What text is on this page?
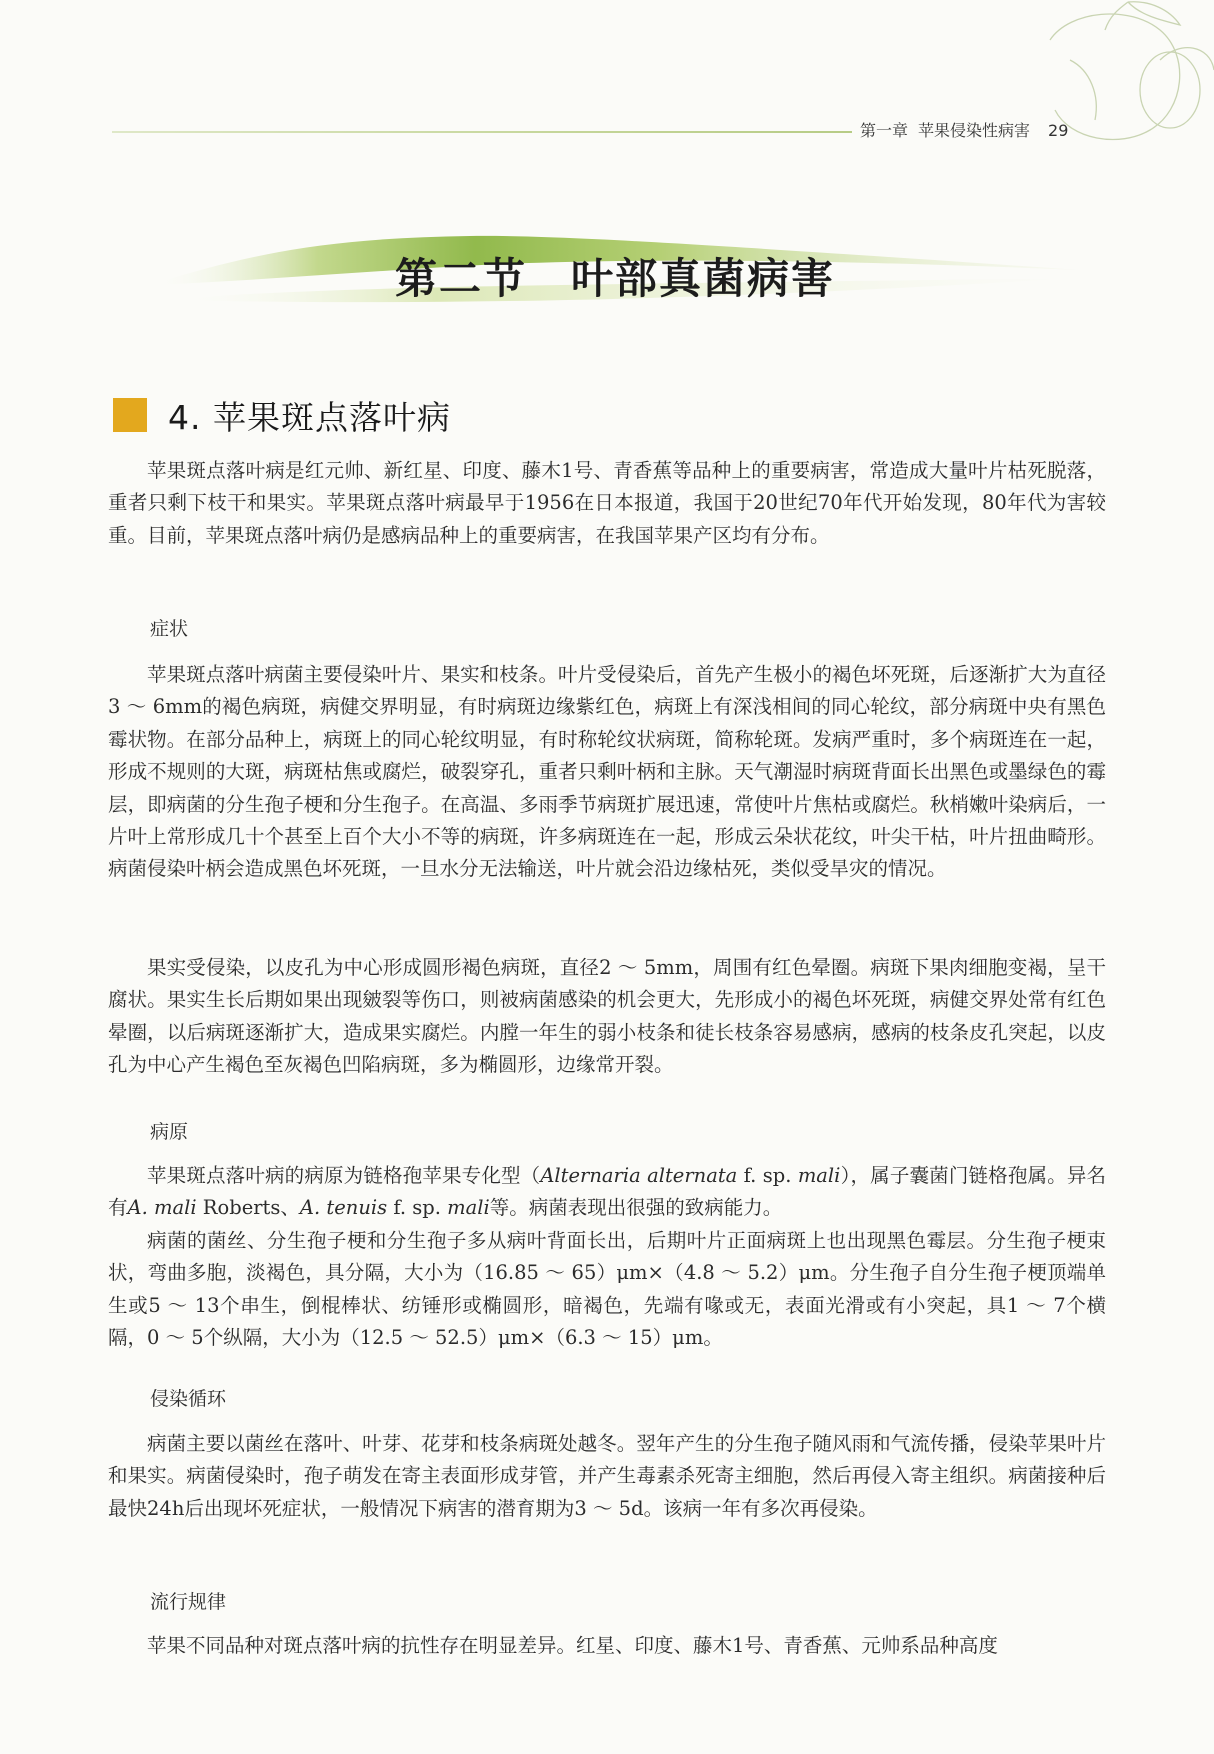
第一章 苹果侵染性病害 29
第二节　叶部真菌病害
4. 苹果斑点落叶病

苹果斑点落叶病是红元帅、新红星、印度、藤木1号、青香蕉等品种上的重要病害，常造成大量叶片枯死脱落，重者只剩下枝干和果实。苹果斑点落叶病最早于1956在日本报道，我国于20世纪70年代开始发现，80年代为害较重。目前，苹果斑点落叶病仍是感病品种上的重要病害，在我国苹果产区均有分布。

症状

苹果斑点落叶病菌主要侵染叶片、果实和枝条。叶片受侵染后，首先产生极小的褐色坏死斑，后逐渐扩大为直径3 ～ 6mm的褐色病斑，病健交界明显，有时病斑边缘紫红色，病斑上有深浅相间的同心轮纹，部分病斑中央有黑色霉状物。在部分品种上，病斑上的同心轮纹明显，有时称轮纹状病斑，简称轮斑。发病严重时，多个病斑连在一起，形成不规则的大斑，病斑枯焦或腐烂，破裂穿孔，重者只剩叶柄和主脉。天气潮湿时病斑背面长出黑色或墨绿色的霉层，即病菌的分生孢子梗和分生孢子。在高温、多雨季节病斑扩展迅速，常使叶片焦枯或腐烂。秋梢嫩叶染病后，一片叶上常形成几十个甚至上百个大小不等的病斑，许多病斑连在一起，形成云朵状花纹，叶尖干枯，叶片扭曲畸形。病菌侵染叶柄会造成黑色坏死斑，一旦水分无法输送，叶片就会沿边缘枯死，类似受旱灾的情况。

果实受侵染，以皮孔为中心形成圆形褐色病斑，直径2 ～ 5mm，周围有红色晕圈。病斑下果肉细胞变褐，呈干腐状。果实生长后期如果出现皴裂等伤口，则被病菌感染的机会更大，先形成小的褐色坏死斑，病健交界处常有红色晕圈，以后病斑逐渐扩大，造成果实腐烂。内膛一年生的弱小枝条和徒长枝条容易感病，感病的枝条皮孔突起，以皮孔为中心产生褐色至灰褐色凹陷病斑，多为椭圆形，边缘常开裂。

病原

苹果斑点落叶病的病原为链格孢苹果专化型（Alternaria alternata f. sp. mali），属子囊菌门链格孢属。异名有A. mali Roberts、A. tenuis f. sp. mali等。病菌表现出很强的致病能力。

病菌的菌丝、分生孢子梗和分生孢子多从病叶背面长出，后期叶片正面病斑上也出现黑色霉层。分生孢子梗束状，弯曲多胞，淡褐色，具分隔，大小为（16.85 ～ 65）μm×（4.8 ～ 5.2）μm。分生孢子自分生孢子梗顶端单生或5 ～ 13个串生，倒棍棒状、纺锤形或椭圆形，暗褐色，先端有喙或无，表面光滑或有小突起，具1 ～ 7个横隔，0 ～ 5个纵隔，大小为（12.5 ～ 52.5）μm×（6.3 ～ 15）μm。

侵染循环

病菌主要以菌丝在落叶、叶芽、花芽和枝条病斑处越冬。翌年产生的分生孢子随风雨和气流传播，侵染苹果叶片和果实。病菌侵染时，孢子萌发在寄主表面形成芽管，并产生毒素杀死寄主细胞，然后再侵入寄主组织。病菌接种后最快24h后出现坏死症状，一般情况下病害的潜育期为3 ～ 5d。该病一年有多次再侵染。

流行规律

苹果不同品种对斑点落叶病的抗性存在明显差异。红星、印度、藤木1号、青香蕉、元帅系品种高度
